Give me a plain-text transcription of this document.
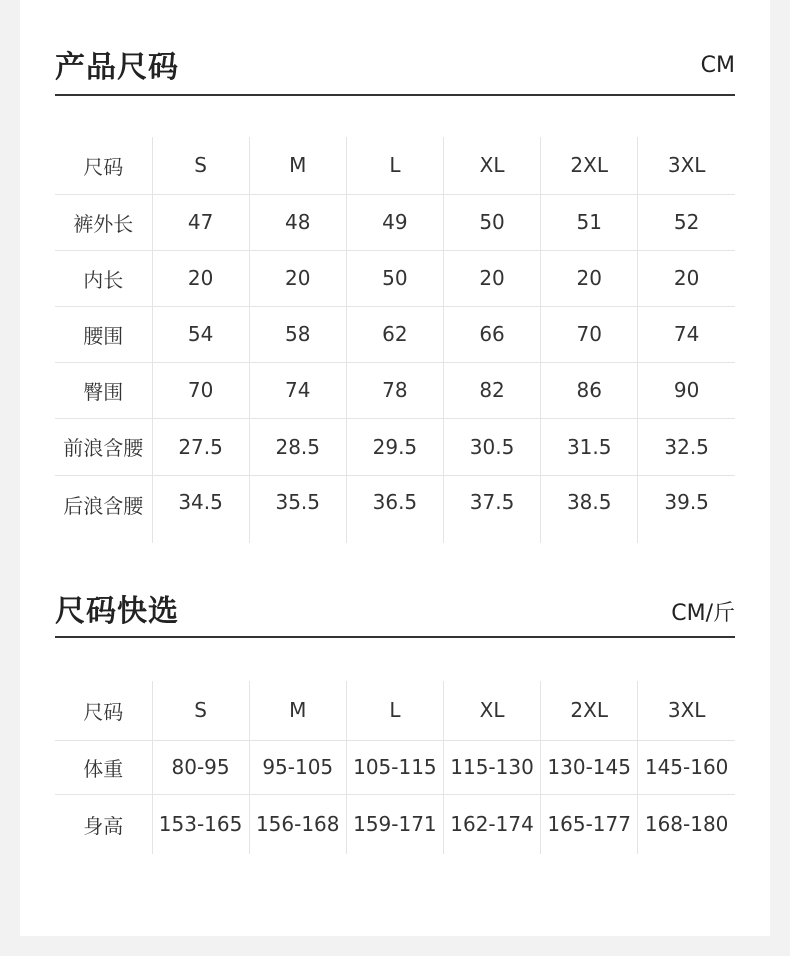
产品尺码	CM
尺码	S	M	L	XL	2XL	3XL
裤外长	47	48	49	50	51	52
内长	20	20	50	20	20	20
腰围	54	58	62	66	70	74
臀围	70	74	78	82	86	90
前浪含腰	27.5	28.5	29.5	30.5	31.5	32.5
后浪含腰	34.5	35.5	36.5	37.5	38.5	39.5
尺码快选	CM/斤
尺码	S	M	L	XL	2XL	3XL
体重	80-95	95-105	105-115	115-130	130-145	145-160
身高	153-165	156-168	159-171	162-174	165-177	168-180
